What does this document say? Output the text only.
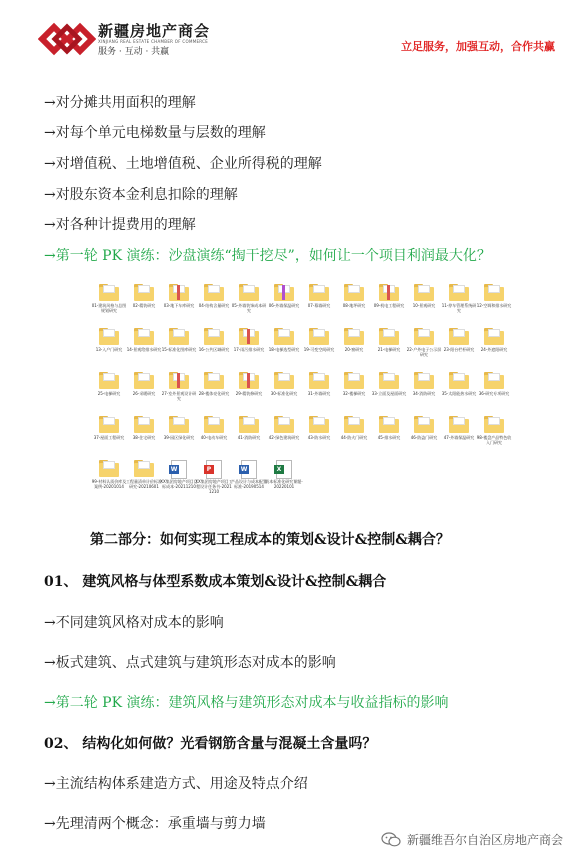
新疆房地产商会
XINJIANG REAL ESTATE CHAMBER OF COMMERCE
服务 · 互动 · 共赢	立足服务，加强互动，合作共赢
→对分摊共用面积的理解
→对每个单元电梯数量与层数的理解
→对增值税、土地增值税、企业所得税的理解
→对股东资本金利息扣除的理解
→对各种计提费用的理解
→第一轮 PK 演练：沙盘演练“掏干挖尽”，如何让一个项目利润最大化？
01-建筑风格与总图规划研究
02-精装研究	03-地下车库研究	04-结构含量研究 05-外墙装饰成本研究
06-外墙保温研究	07-幕墙研究	08-地坪研究	09-机电工程研究	10-景观研究	11-停车管理系统研究
12-空调和排水研究
13-入户门研究	14-景观给排水研究 15-标准化图库研究 16-公共区域研究	17-雨污排水研究	18-电梯选型研究	19-可变空间研究	20-窗研究	21-电梯研究	22-户外电子公示屏研究
23-阳台栏杆研究	24-外遮阳研究
25-电梯研究	26-采暖研究	27-室外景观设计研究
28-楼体亮化研究	29-精装修研究	30-标准化研究	31-外墙研究	32-楼梯研究	33-立面及屋面研究	34-消防研究	35-太阳能热水研究 36-研究专项研究
37-屋面工程研究	38-住宅研究	39-园区绿化研究	40-电动车研究	41-消防研究	42-绿色建筑研究	43-防水研究	44-防火门研究	45-排水研究	46-防盗门研究	47-外墙保温研究 98-楼盘产品特色收入门研究
99-材料认质价库及案例-20201014
工程量清单计价标准研究-20210601
W
XX集团房地产项目目标成本-20211210
P
XX集团房地产项目工程设计任务书-20211210
W
产品设计与成本配置标准-20190514
X
成本标准化研究课题-20220101
第二部分：如何实现工程成本的策划&设计&控制&耦合？
01、 建筑风格与体型系数成本策划&设计&控制&耦合
→不同建筑风格对成本的影响
→板式建筑、点式建筑与建筑形态对成本的影响
→第二轮 PK 演练：建筑风格与建筑形态对成本与收益指标的影响
02、 结构化如何做？光看钢筋含量与混凝土含量吗？
→主流结构体系建造方式、用途及特点介绍
→先理清两个概念：承重墙与剪力墙
新疆维吾尔自治区房地产商会
